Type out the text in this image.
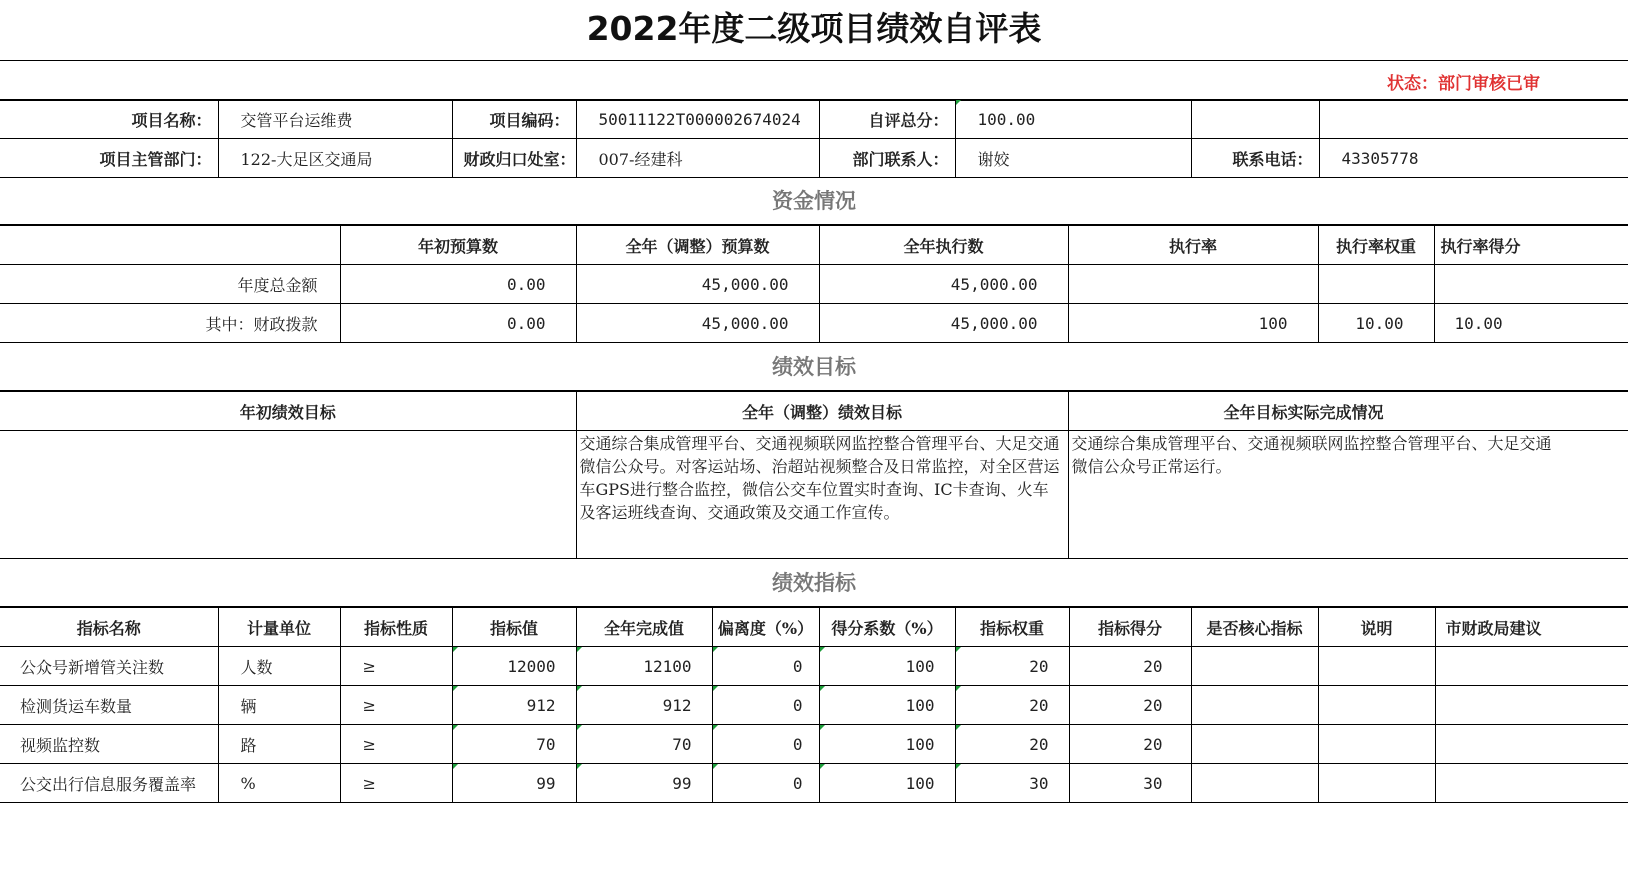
2022年度二级项目绩效自评表
状态：部门审核已审
项目名称：	交管平台运维费	项目编码：	50011122T000002674024	自评总分：	100.00		
项目主管部门：	122-大足区交通局	财政归口处室：	007-经建科	部门联系人：	谢姣	联系电话：	43305778
资金情况
	年初预算数	全年（调整）预算数	全年执行数	执行率	执行率权重	执行率得分
年度总金额	0.00	45,000.00	45,000.00			
其中：财政拨款	0.00	45,000.00	45,000.00	100	10.00	10.00
绩效目标
年初绩效目标	全年（调整）绩效目标	全年目标实际完成情况
	交通综合集成管理平台、交通视频联网监控整合管理平台、大足交通微信公众号。对客运站场、治超站视频整合及日常监控，对全区营运车GPS进行整合监控，微信公交车位置实时查询、IC卡查询、火车及客运班线查询、交通政策及交通工作宣传。	交通综合集成管理平台、交通视频联网监控整合管理平台、大足交通微信公众号正常运行。
绩效指标
指标名称	计量单位	指标性质	指标值	全年完成值	偏离度（%）	得分系数（%）	指标权重	指标得分	是否核心指标	说明	市财政局建议
公众号新增管关注数	人数	≥	12000	12100	0	100	20	20			
检测货运车数量	辆	≥	912	912	0	100	20	20			
视频监控数	路	≥	70	70	0	100	20	20			
公交出行信息服务覆盖率	%	≥	99	99	0	100	30	30			
